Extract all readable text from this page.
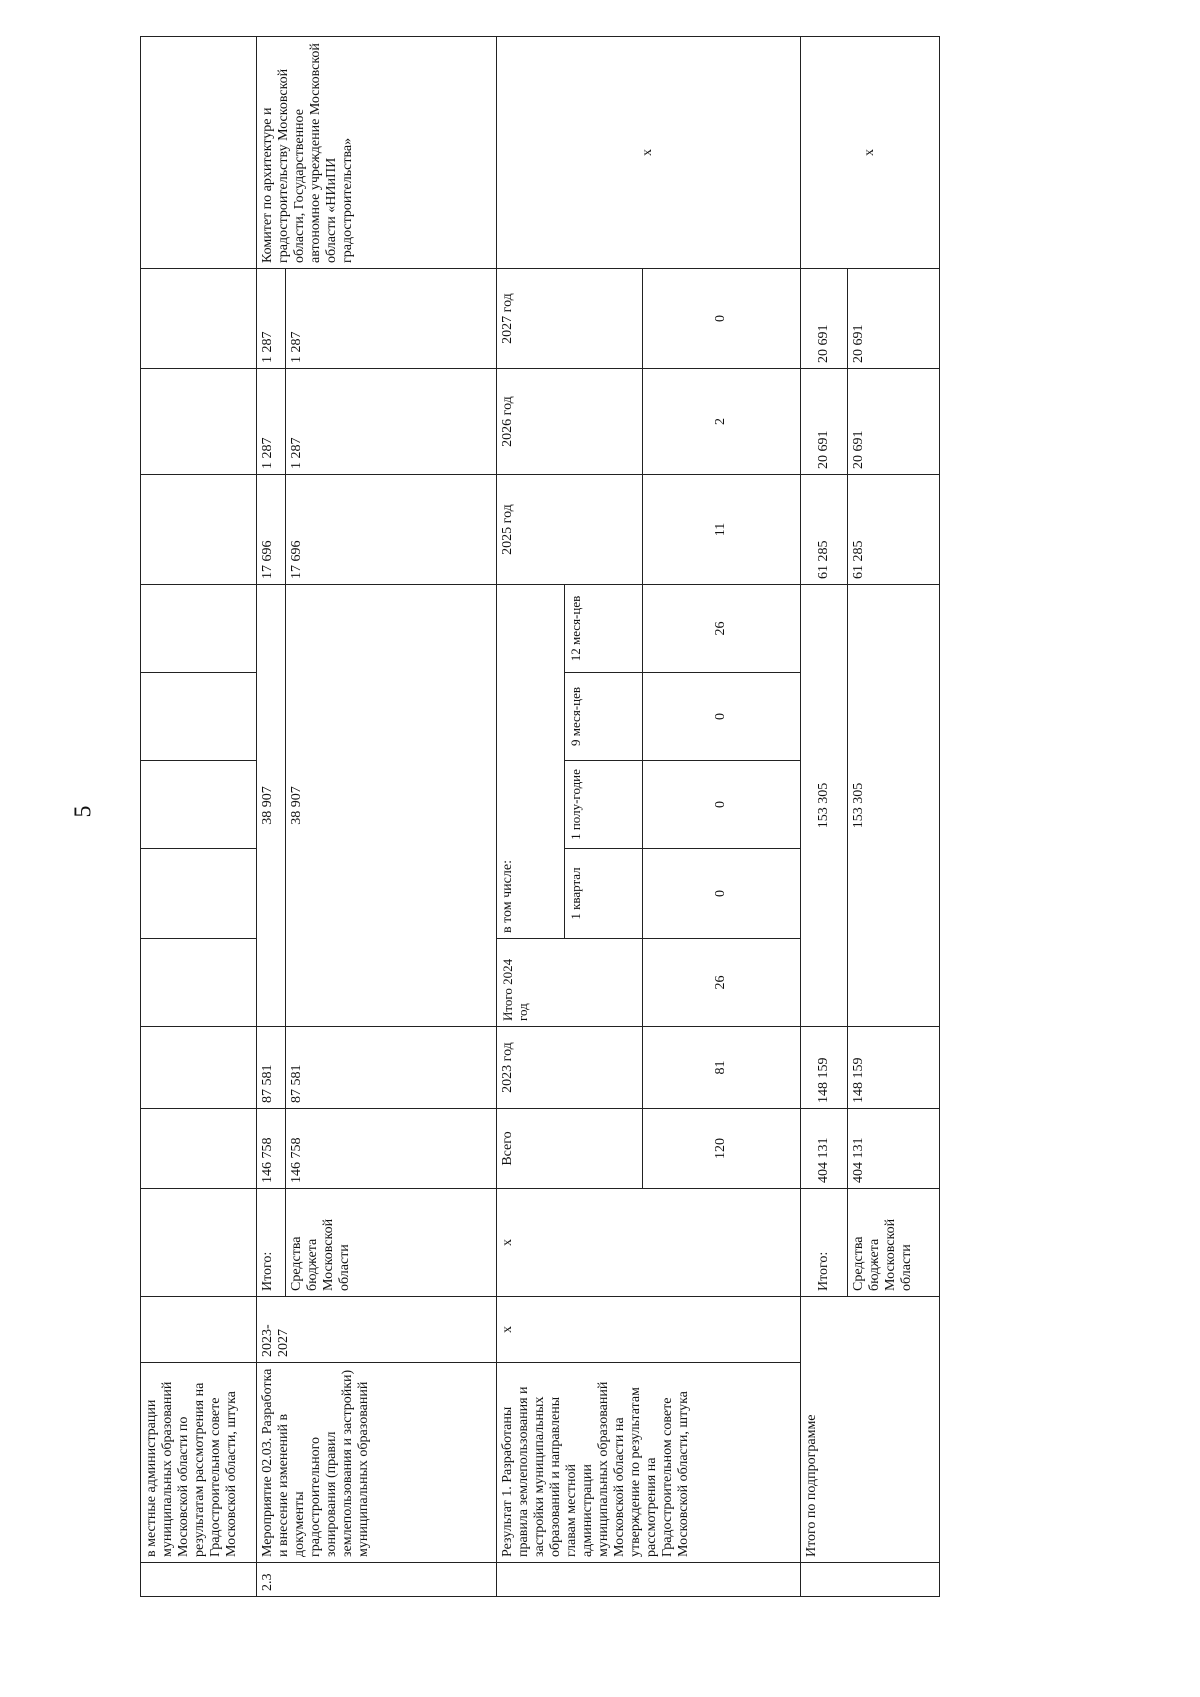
5
	в местные администрации муниципальных образований Московской области по результатам рассмотрения на Градостроительном совете Московской области, штука													
2.3	Мероприятие 02.03. Разработка и внесение изменений в документы градостроительного зонирования (правил землепользования и застройки) муниципальных образований	2023-2027	Итого:	146 758	87 581	38 907					17 696	1 287	1 287	Комитет по архитектуре и градостроительству Московской области, Государственное автономное учреждение Московской области «НИиПИ градостроительства»
			Средства бюджета Московской области	146 758	87 581	38 907					17 696	1 287	1 287	
	Результат 1. Разработаны правила землепользования и застройки муниципальных образований и направлены главам местной администрации муниципальных образований Московской области на утверждение по результатам рассмотрения на Градостроительном совете Московской области, штука	х	х	Всего	2023 год	Итого 2024 год	в том числе:				2025 год	2026 год	2027 год	х
							1 квартал	1 полу-годие	9 меся-цев	12 меся-цев				
				120	81	26	0	0	0	26	11	2	0	
	Итого по подпрограмме		Итого:	404 131	148 159	153 305					61 285	20 691	20 691	х
			Средства бюджета Московской области	404 131	148 159	153 305					61 285	20 691	20 691	
